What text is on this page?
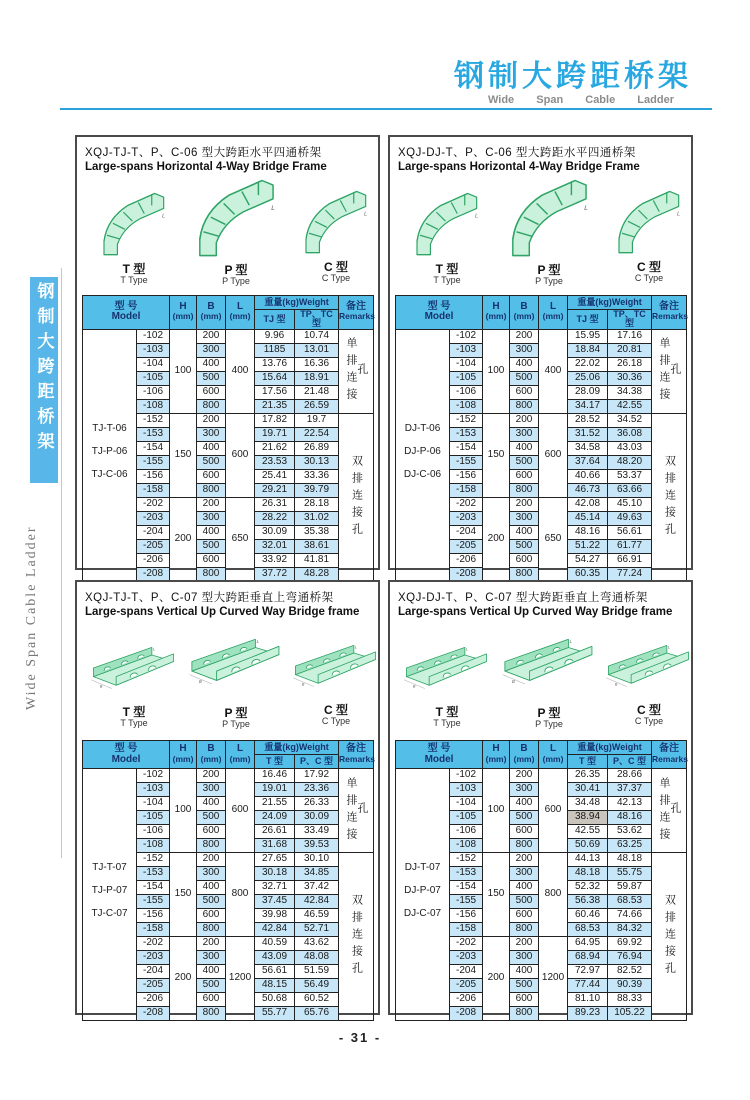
钢制大跨距桥架
Wide Span Cable Ladder
钢制大跨距桥架
Wide Span Cable Ladder
XQJ-TJ-T、P、C-06 型大跨距水平四通桥架
Large-spans Horizontal 4-Way Bridge Frame
L
T 型
T Type
L
P 型
P Type
L
C 型
C Type
型 号
Model		H
(mm)	B
(mm)	L
(mm)	重量(kg)Weight		备注
Remarks
					TJ 型	TP、TC 型	

TJ-T-06
TJ-P-06
TJ-C-06	-102	100	200	400	9.96	10.74	单排连接孔

	-103		300		1185	13.01	
	-104		400		13.76	16.36	
	-105		500		15.64	18.91	
	-106		600		17.56	21.48	
	-108		800		21.35	26.59	
	-152	150	200	600	17.82	19.7	双排连接孔

	-153		300		19.71	22.54	
	-154		400		21.62	26.89	
	-155		500		23.53	30.13	
	-156		600		25.41	33.36	
	-158		800		29.21	39.79	
	-202	200	200	650	26.31	28.18	
	-203		300		28.22	31.02	
	-204		400		30.09	35.38	
	-205		500		32.01	38.61	
	-206		600		33.92	41.81	
	-208		800		37.72	48.28	
XQJ-DJ-T、P、C-06 型大跨距水平四通桥架
Large-spans Horizontal 4-Way Bridge Frame
L
T 型
T Type
L
P 型
P Type
L
C 型
C Type
型 号
Model		H
(mm)	B
(mm)	L
(mm)	重量(kg)Weight		备注
Remarks
					TJ 型	TP、TC 型	

DJ-T-06
DJ-P-06
DJ-C-06	-102	100	200	400	15.95	17.16	单排连接孔

	-103		300		18.84	20.81	
	-104		400		22.02	26.18	
	-105		500		25.06	30.36	
	-106		600		28.09	34.38	
	-108		800		34.17	42.55	
	-152	150	200	600	28.52	34.52	双排连接孔

	-153		300		31.52	36.08	
	-154		400		34.58	43.03	
	-155		500		37.64	48.20	
	-156		600		40.66	53.37	
	-158		800		46.73	63.66	
	-202	200	200	650	42.08	45.10	
	-203		300		45.14	49.63	
	-204		400		48.16	56.61	
	-205		500		51.22	61.77	
	-206		600		54.27	66.91	
	-208		800		60.35	77.24	
XQJ-TJ-T、P、C-07 型大跨距垂直上弯通桥架
Large-spans Vertical Up Curved Way Bridge frame
B
L
T 型
T Type
B
L
P 型
P Type
B
L
C 型
C Type
型 号
Model		H
(mm)	B
(mm)	L
(mm)	重量(kg)Weight		备注
Remarks
					T 型	P、C 型	

TJ-T-07
TJ-P-07
TJ-C-07	-102	100	200	600	16.46	17.92	单排连接孔

	-103		300		19.01	23.36	
	-104		400		21.55	26.33	
	-105		500		24.09	30.09	
	-106		600		26.61	33.49	
	-108		800		31.68	39.53	
	-152	150	200	800	27.65	30.10	双排连接孔

	-153		300		30.18	34.85	
	-154		400		32.71	37.42	
	-155		500		37.45	42.84	
	-156		600		39.98	46.59	
	-158		800		42.84	52.71	
	-202	200	200	1200	40.59	43.62	
	-203		300		43.09	48.08	
	-204		400		56.61	51.59	
	-205		500		48.15	56.49	
	-206		600		50.68	60.52	
	-208		800		55.77	65.76	
XQJ-DJ-T、P、C-07 型大跨距垂直上弯通桥架
Large-spans Vertical Up Curved Way Bridge frame
B
L
T 型
T Type
B
L
P 型
P Type
B
L
C 型
C Type
型 号
Model		H
(mm)	B
(mm)	L
(mm)	重量(kg)Weight		备注
Remarks
					T 型	P、C 型	

DJ-T-07
DJ-P-07
DJ-C-07	-102	100	200	600	26.35	28.66	单排连接孔

	-103		300		30.41	37.37	
	-104		400		34.48	42.13	
	-105		500		38.94	48.16	
	-106		600		42.55	53.62	
	-108		800		50.69	63.25	
	-152	150	200	800	44.13	48.18	双排连接孔

	-153		300		48.18	55.75	
	-154		400		52.32	59.87	
	-155		500		56.38	68.53	
	-156		600		60.46	74.66	
	-158		800		68.53	84.32	
	-202	200	200	1200	64.95	69.92	
	-203		300		68.94	76.94	
	-204		400		72.97	82.52	
	-205		500		77.44	90.39	
	-206		600		81.10	88.33	
	-208		800		89.23	105.22	
- 31 -
